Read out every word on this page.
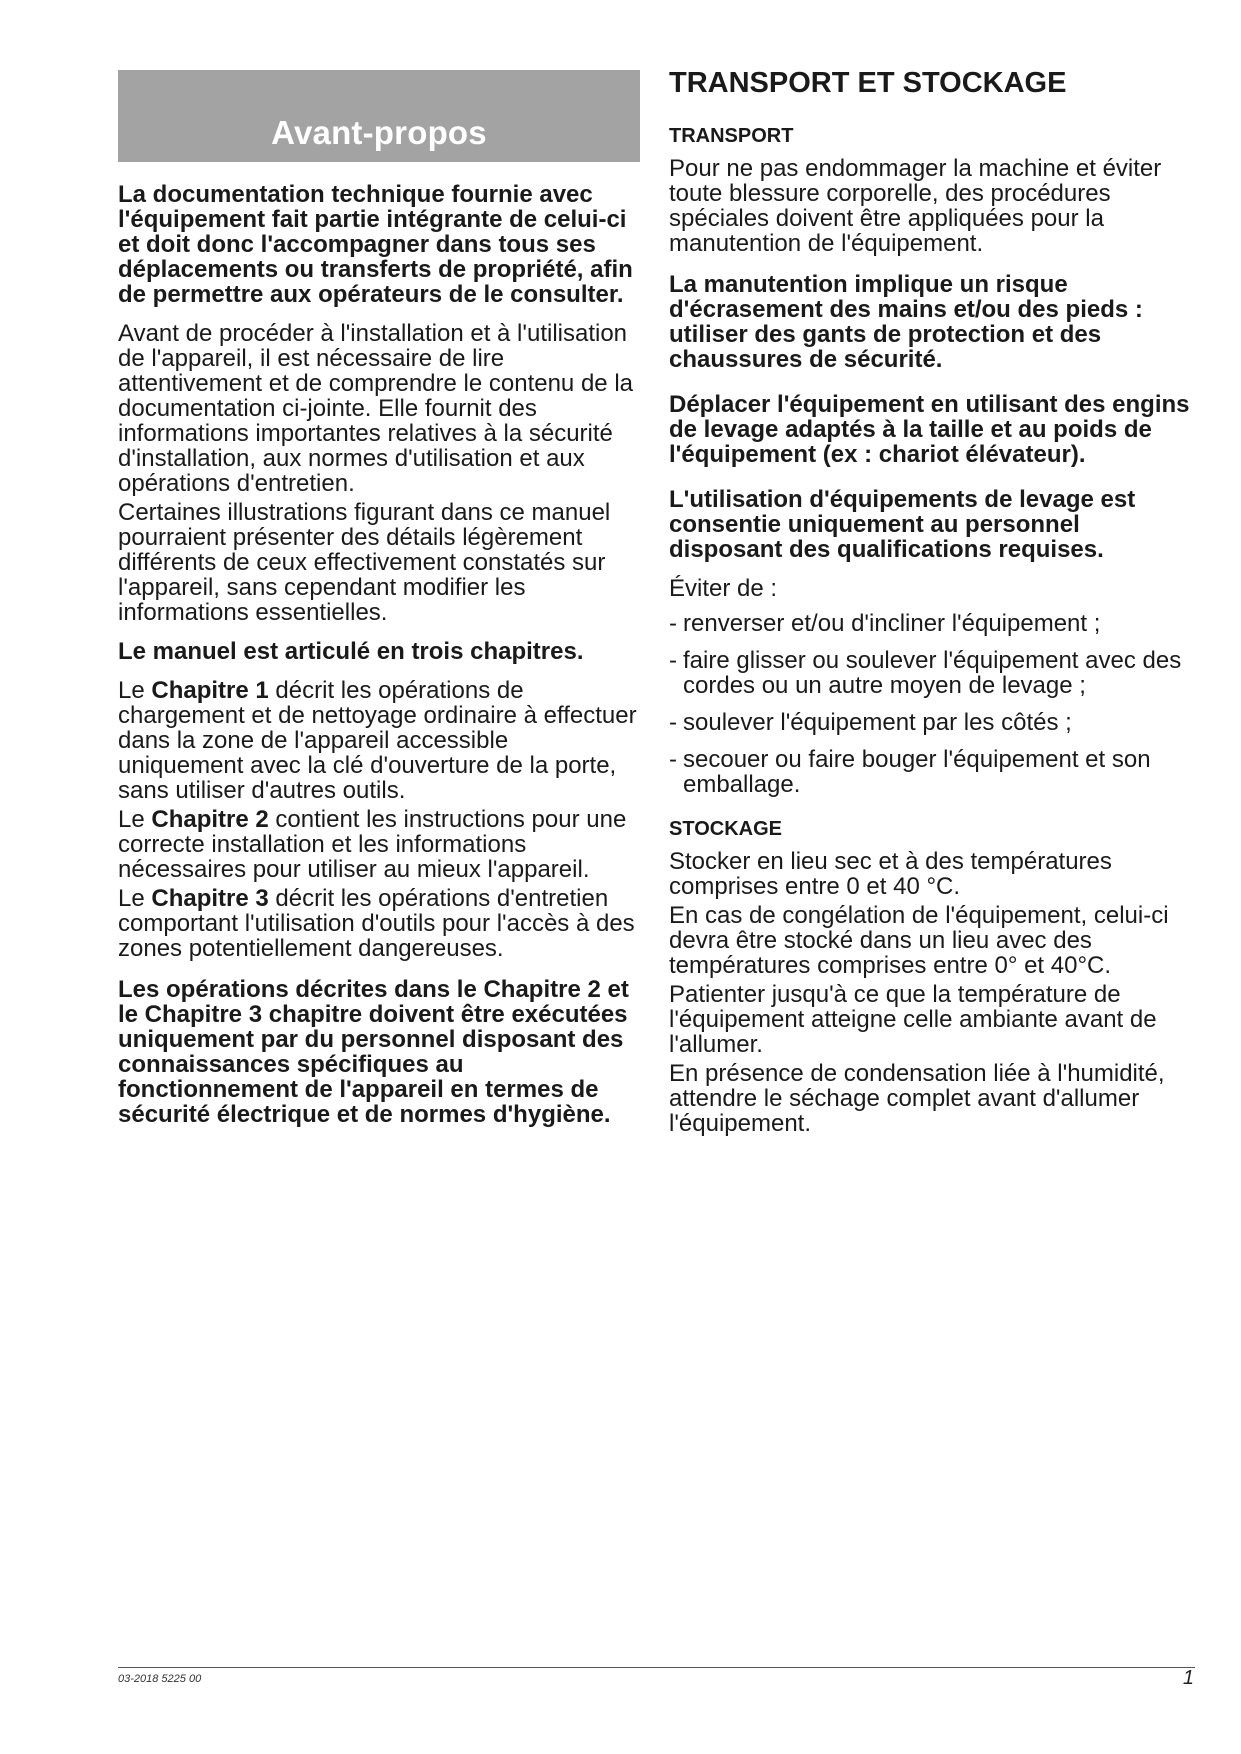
Avant-propos

La documentation technique fournie avec l'équipement fait partie intégrante de celui-ci et doit donc l'accompagner dans tous ses déplacements ou transferts de propriété, afin de permettre aux opérateurs de le consulter.

Avant de procéder à l'installation et à l'utilisation de l'appareil, il est nécessaire de lire attentivement et de comprendre le contenu de la documentation ci-jointe. Elle fournit des informations importantes relatives à la sécurité d'installation, aux normes d'utilisation et aux opérations d'entretien.

Certaines illustrations figurant dans ce manuel pourraient présenter des détails légèrement différents de ceux effectivement constatés sur l'appareil, sans cependant modifier les informations essentielles.

Le manuel est articulé en trois chapitres.

Le Chapitre 1 décrit les opérations de chargement et de nettoyage ordinaire à effectuer dans la zone de l'appareil accessible uniquement avec la clé d'ouverture de la porte, sans utiliser d'autres outils.

Le Chapitre 2 contient les instructions pour une correcte installation et les informations nécessaires pour utiliser au mieux l'appareil.

Le Chapitre 3 décrit les opérations d'entretien comportant l'utilisation d'outils pour l'accès à des zones potentiellement dangereuses.

Les opérations décrites dans le Chapitre 2 et le Chapitre 3 chapitre doivent être exécutées uniquement par du personnel disposant des connaissances spécifiques au fonctionnement de l'appareil en termes de sécurité électrique et de normes d'hygiène.

TRANSPORT ET STOCKAGE
TRANSPORT

Pour ne pas endommager la machine et éviter toute blessure corporelle, des procédures spéciales doivent être appliquées pour la manutention de l'équipement.

La manutention implique un risque d'écrasement des mains et/ou des pieds : utiliser des gants de protection et des chaussures de sécurité.

Déplacer l'équipement en utilisant des engins de levage adaptés à la taille et au poids de l'équipement (ex : chariot élévateur).

L'utilisation d'équipements de levage est consentie uniquement au personnel disposant des qualifications requises.

Éviter de :

- renverser et/ou d'incliner l'équipement ;
- faire glisser ou soulever l'équipement avec des cordes ou un autre moyen de levage ;
- soulever l'équipement par les côtés ;
- secouer ou faire bouger l'équipement et son emballage.
STOCKAGE

Stocker en lieu sec et à des températures comprises entre 0 et 40 °C.

En cas de congélation de l'équipement, celui-ci devra être stocké dans un lieu avec des températures comprises entre 0° et 40°C.

Patienter jusqu'à ce que la température de l'équipement atteigne celle ambiante avant de l'allumer.

En présence de condensation liée à l'humidité, attendre le séchage complet avant d'allumer l'équipement.

03-2018 5225 00	1
